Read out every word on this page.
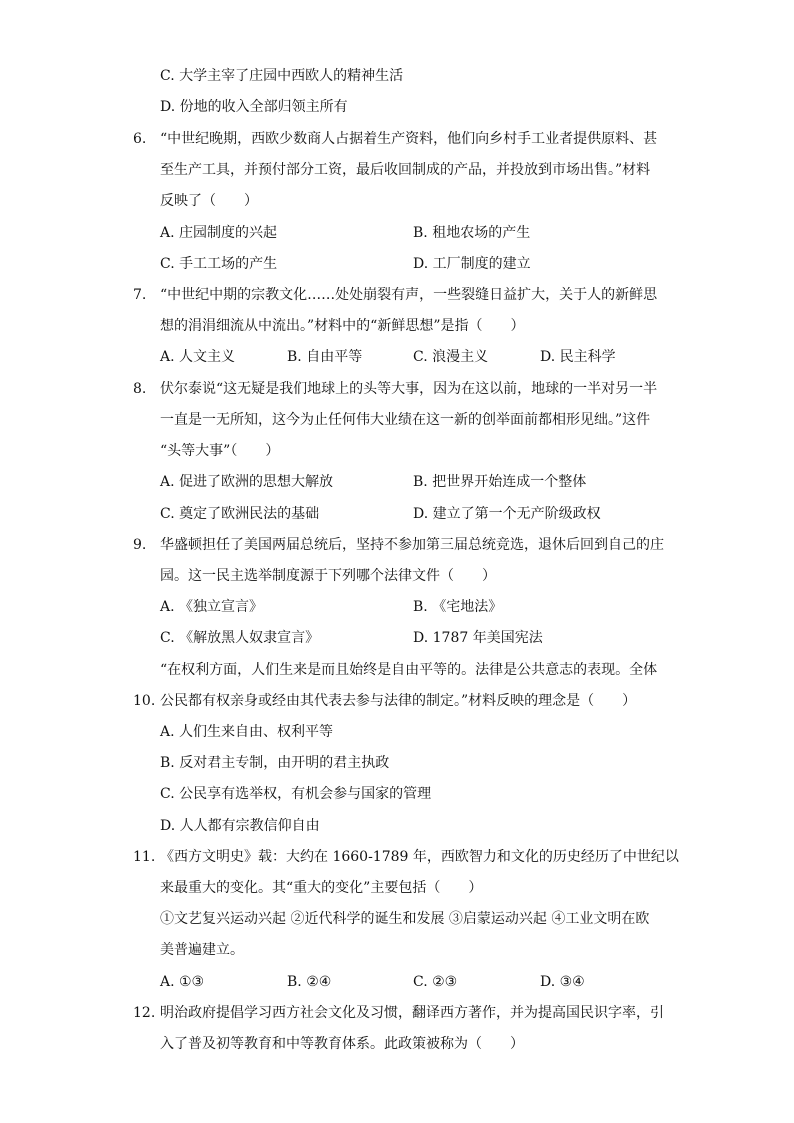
C. 大学主宰了庄园中西欧人的精神生活
D. 份地的收入全部归领主所有
6. “中世纪晚期，西欧少数商人占据着生产资料，他们向乡村手工业者提供原料、甚
至生产工具，并预付部分工资，最后收回制成的产品，并投放到市场出售。”材料
反映了（　　）
A. 庄园制度的兴起	B. 租地农场的产生
C. 手工工场的产生	D. 工厂制度的建立
7. “中世纪中期的宗教文化……处处崩裂有声，一些裂缝日益扩大，关于人的新鲜思
想的涓涓细流从中流出。”材料中的“新鲜思想”是指（　　）
A. 人文主义	B. 自由平等	C. 浪漫主义	D. 民主科学
8. 伏尔泰说“这无疑是我们地球上的头等大事，因为在这以前，地球的一半对另一半
一直是一无所知，这今为止任何伟大业绩在这一新的创举面前都相形见绌。”这件
“头等大事”（　　）
A. 促进了欧洲的思想大解放	B. 把世界开始连成一个整体
C. 奠定了欧洲民法的基础	D. 建立了第一个无产阶级政权
9. 华盛顿担任了美国两届总统后，坚持不参加第三届总统竞选，退休后回到自己的庄
园。这一民主选举制度源于下列哪个法律文件（　　）
A. 《独立宣言》	B. 《宅地法》
C. 《解放黑人奴隶宣言》	D. 1787 年美国宪法
10.
“在权利方面，人们生来是而且始终是自由平等的。法律是公共意志的表现。全体
公民都有权亲身或经由其代表去参与法律的制定。”材料反映的理念是（　　）
A. 人们生来自由、权利平等
B. 反对君主专制，由开明的君主执政
C. 公民享有选举权，有机会参与国家的管理
D. 人人都有宗教信仰自由
11. 《西方文明史》载：大约在 1660-1789 年，西欧智力和文化的历史经历了中世纪以
来最重大的变化。其“重大的变化”主要包括（　　）
①文艺复兴运动兴起 ②近代科学的诞生和发展 ③启蒙运动兴起 ④工业文明在欧
美普遍建立。
A. ①③	B. ②④	C. ②③	D. ③④
12. 明治政府提倡学习西方社会文化及习惯，翻译西方著作，并为提高国民识字率，引
入了普及初等教育和中等教育体系。此政策被称为（　　）
